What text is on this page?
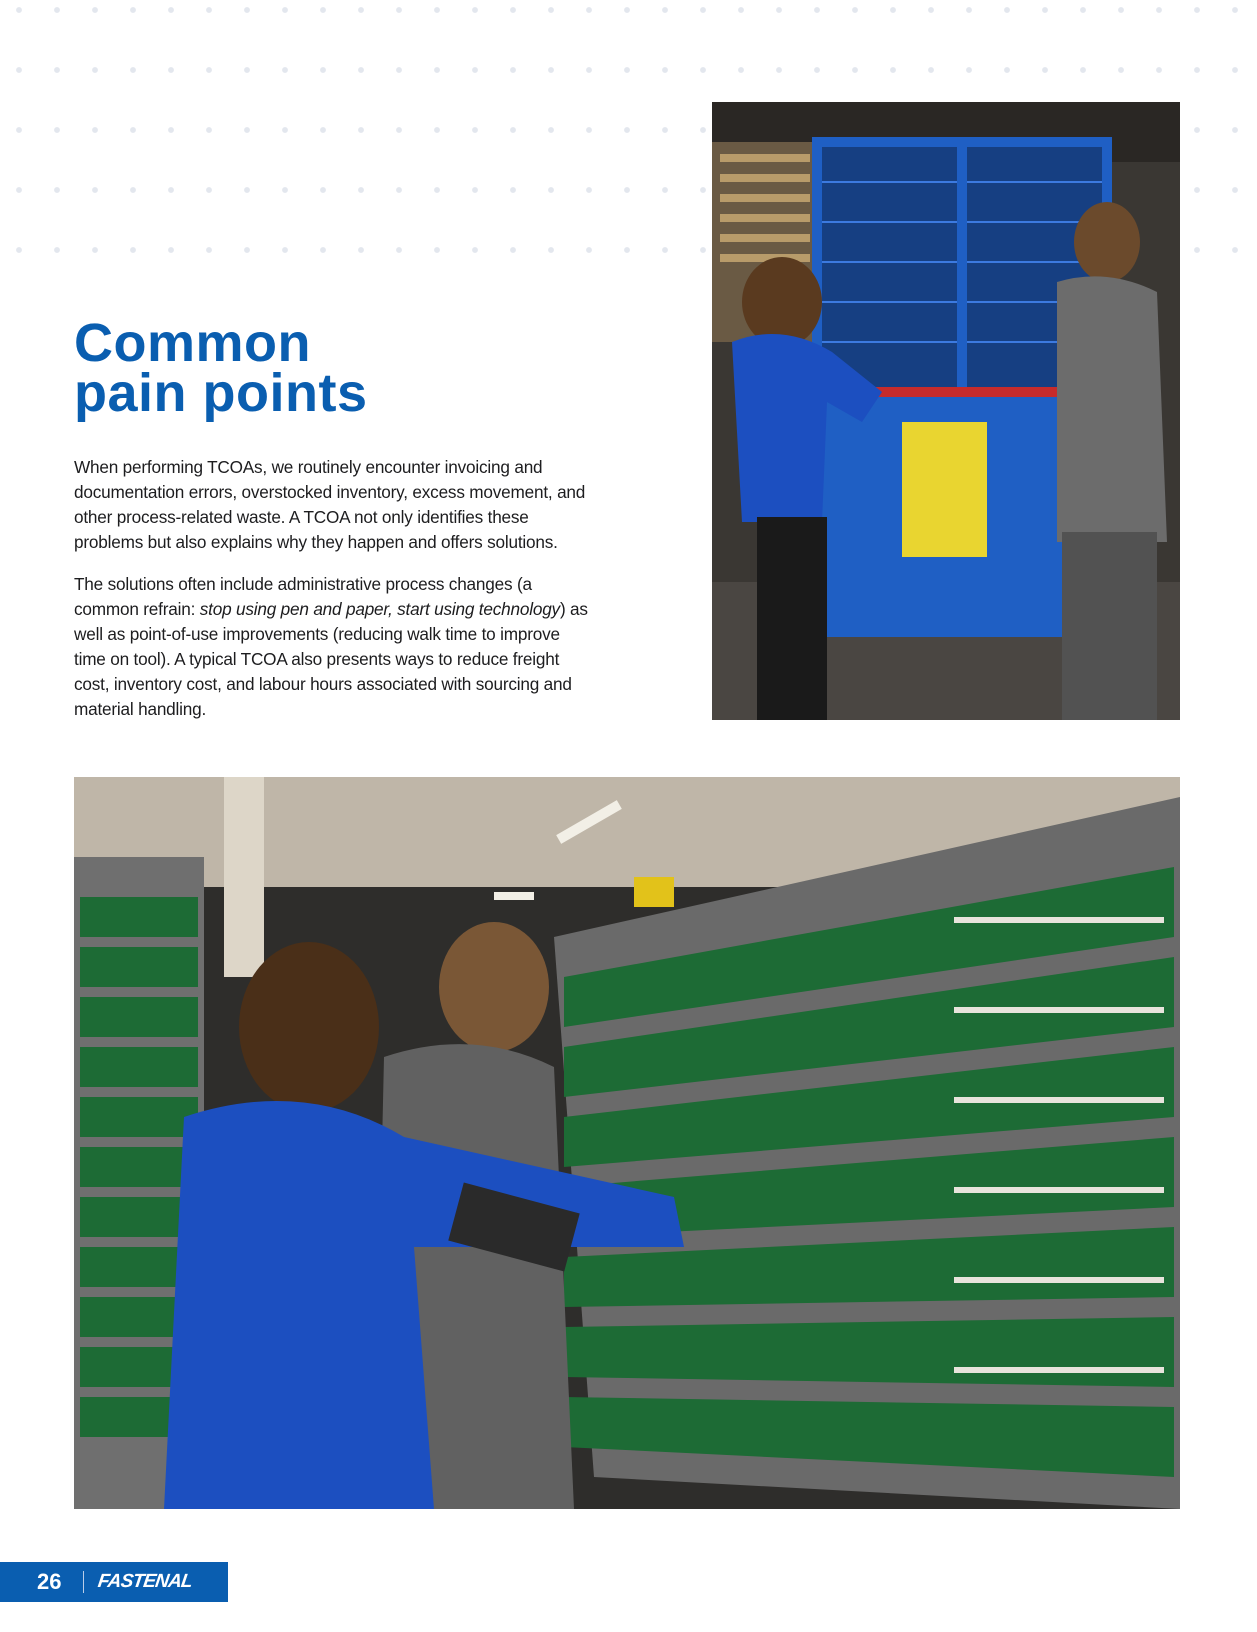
Common
pain points

When performing TCOAs, we routinely encounter invoicing and documentation errors, overstocked inventory, excess movement, and other process-related waste. A TCOA not only identifies these problems but also explains why they happen and offers solutions.

The solutions often include administrative process changes (a common refrain: stop using pen and paper, start using technology) as well as point-of-use improvements (reducing walk time to improve time on tool). A typical TCOA also presents ways to reduce freight cost, inventory cost, and labour hours associated with sourcing and material handling.

26	FASTENAL
